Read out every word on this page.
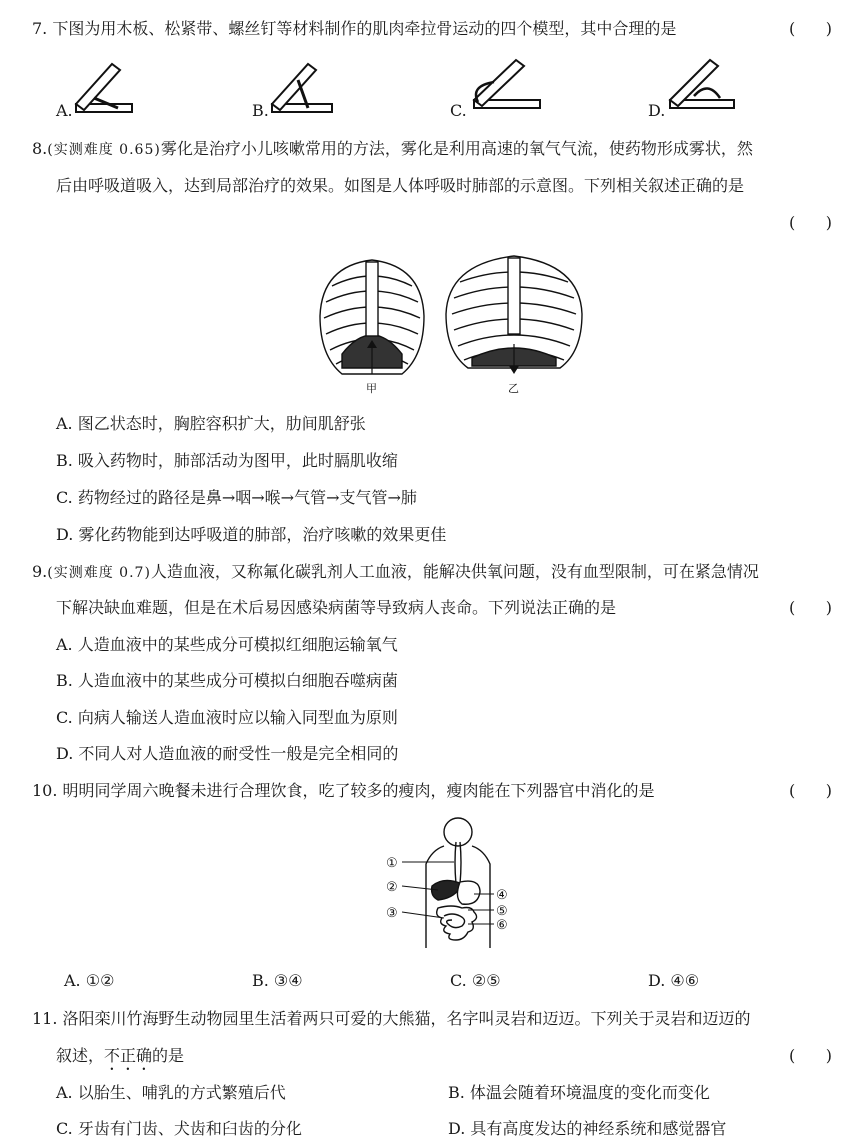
7. 下图为用木板、松紧带、螺丝钉等材料制作的肌肉牵拉骨运动的四个模型，其中合理的是	(      )
A.	B.	C.	D.
8.(实测难度 0.65)雾化是治疗小儿咳嗽常用的方法，雾化是利用高速的氧气气流，使药物形成雾状，然
后由呼吸道吸入，达到局部治疗的效果。如图是人体呼吸时肺部的示意图。下列相关叙述正确的是
(      )
甲	乙
A. 图乙状态时，胸腔容积扩大，肋间肌舒张
B. 吸入药物时，肺部活动为图甲，此时膈肌收缩
C. 药物经过的路径是鼻→咽→喉→气管→支气管→肺
D. 雾化药物能到达呼吸道的肺部，治疗咳嗽的效果更佳
9.(实测难度 0.7)人造血液，又称氟化碳乳剂人工血液，能解决供氧问题，没有血型限制，可在紧急情况
下解决缺血难题，但是在术后易因感染病菌等导致病人丧命。下列说法正确的是	(      )
A. 人造血液中的某些成分可模拟红细胞运输氧气
B. 人造血液中的某些成分可模拟白细胞吞噬病菌
C. 向病人输送人造血液时应以输入同型血为原则
D. 不同人对人造血液的耐受性一般是完全相同的
10. 明明同学周六晚餐未进行合理饮食，吃了较多的瘦肉，瘦肉能在下列器官中消化的是	(      )
①
②
③
④
⑤
⑥
A. ①②	B. ③④	C. ②⑤	D. ④⑥
11. 洛阳栾川竹海野生动物园里生活着两只可爱的大熊猫，名字叫灵岩和迈迈。下列关于灵岩和迈迈的
叙述，不正确的是	(      )
A. 以胎生、哺乳的方式繁殖后代	B. 体温会随着环境温度的变化而变化
C. 牙齿有门齿、犬齿和臼齿的分化	D. 具有高度发达的神经系统和感觉器官
